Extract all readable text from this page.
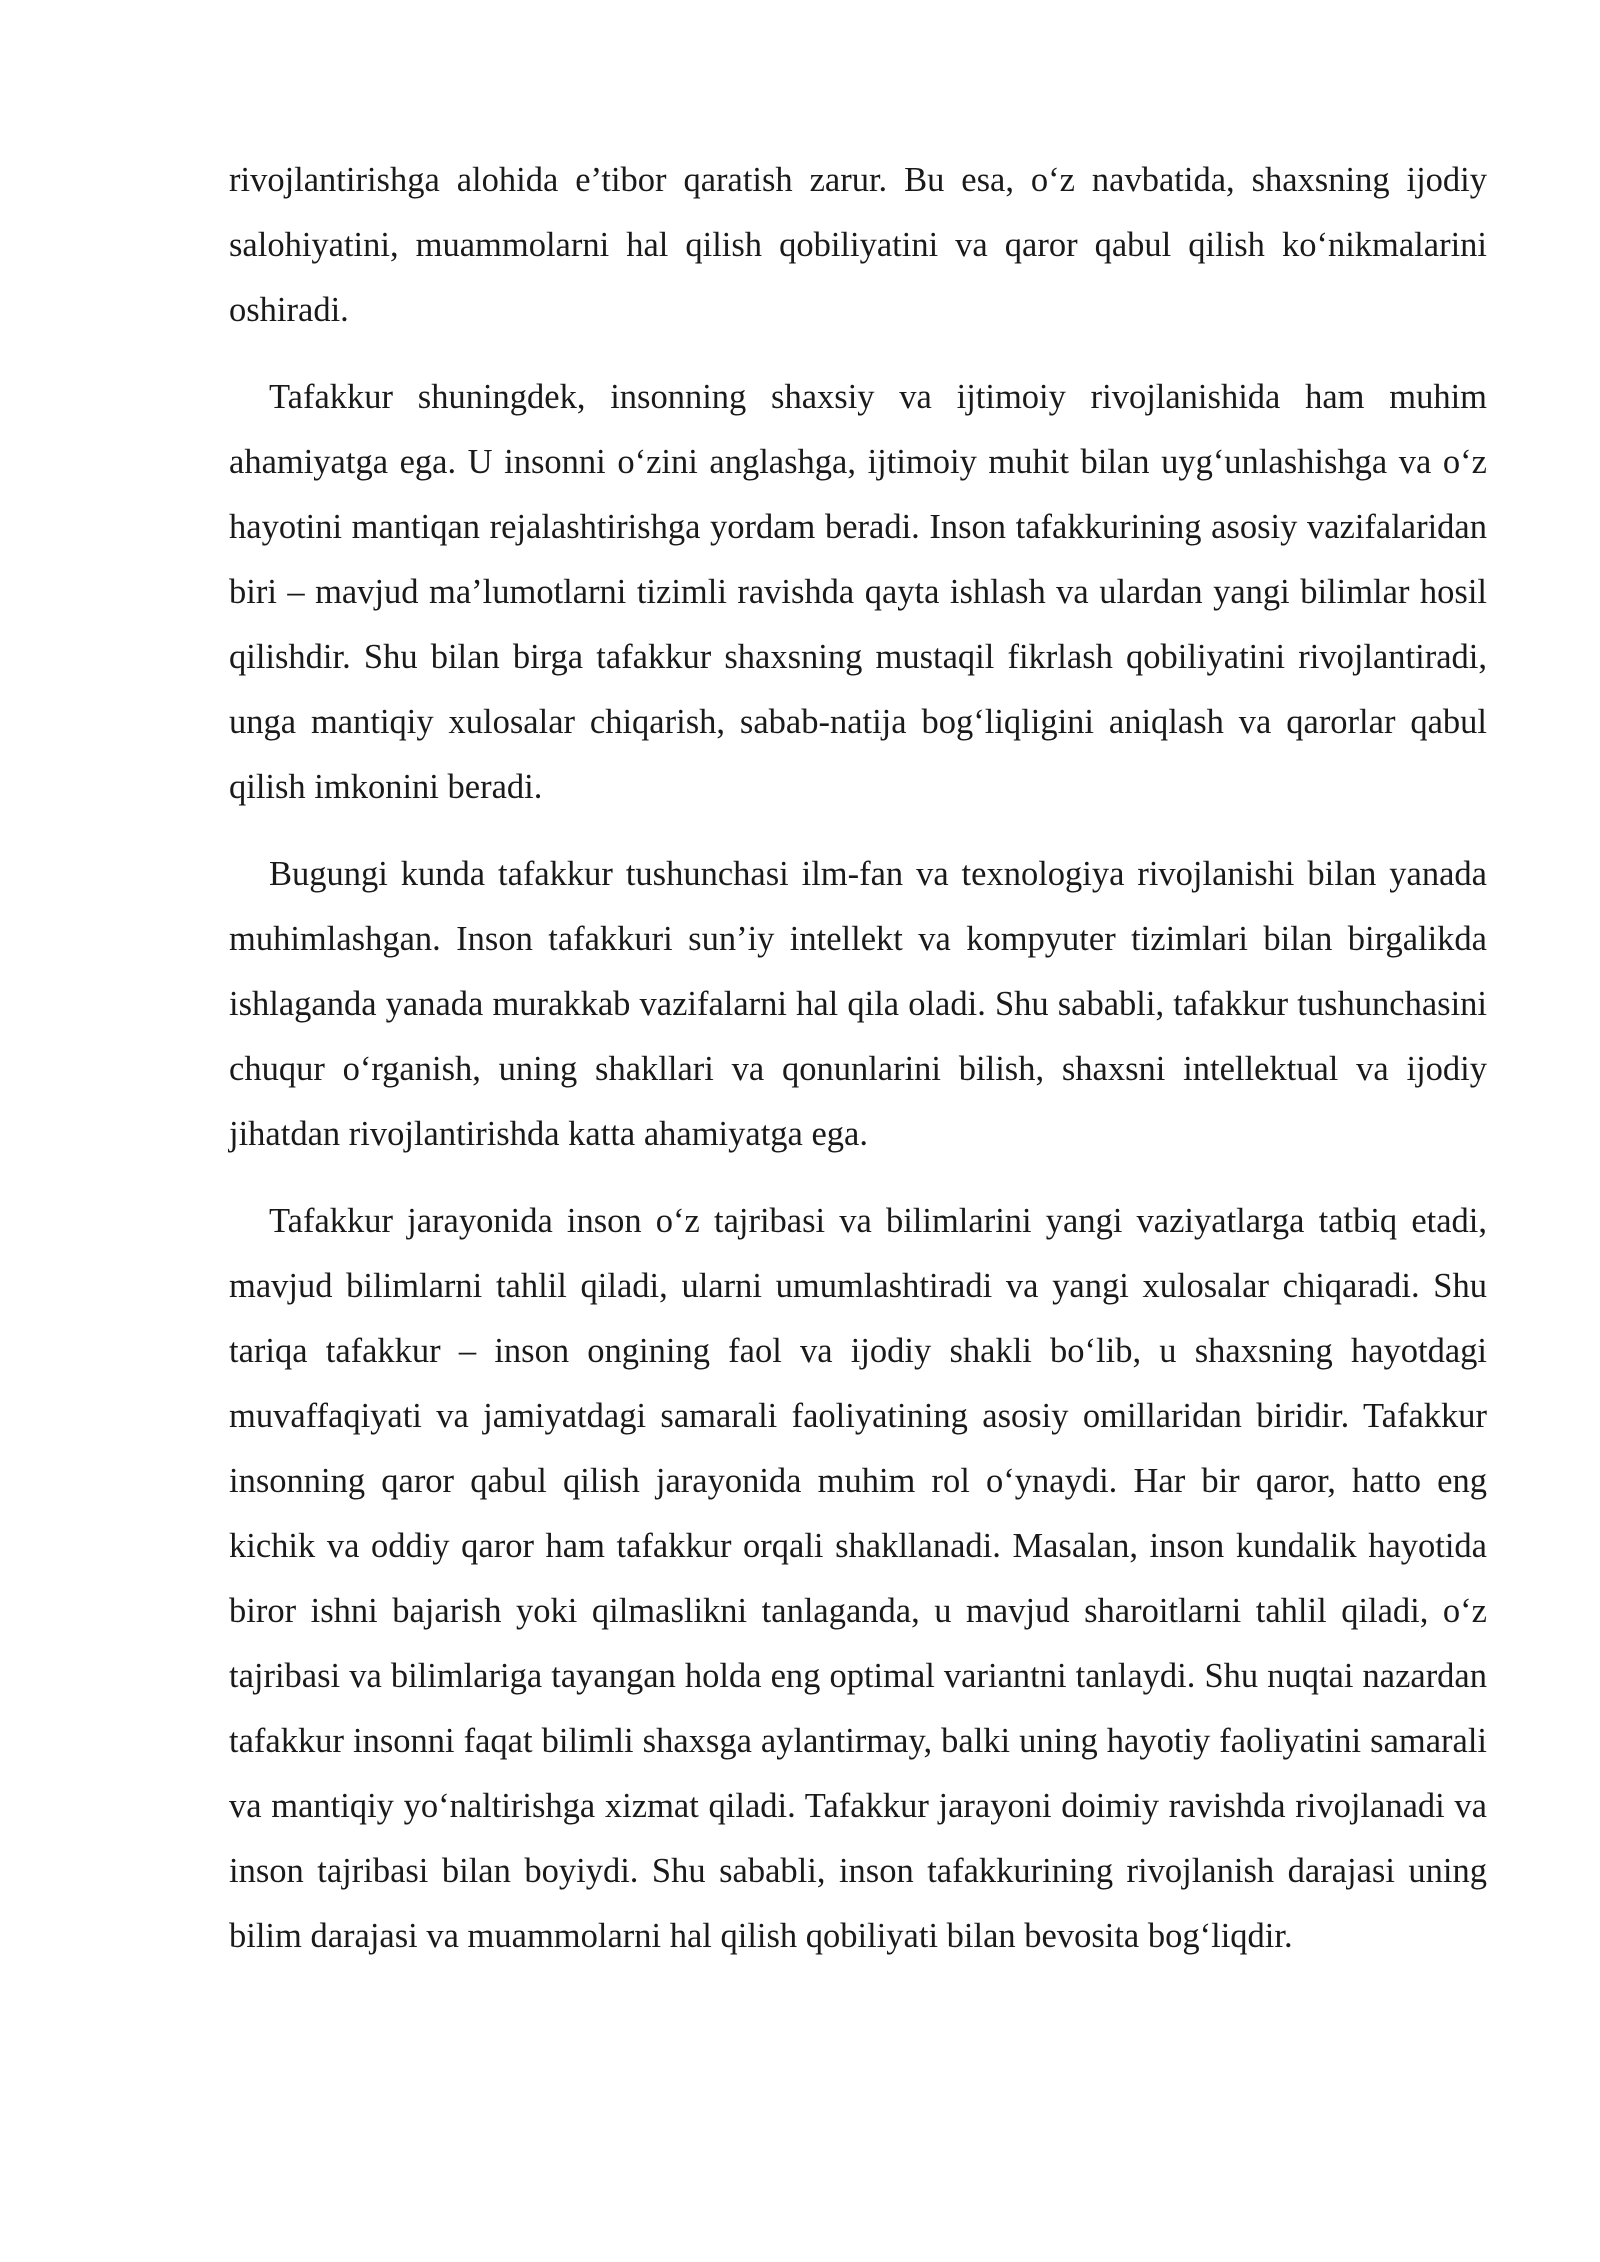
rivojlantirishga alohida e’tibor qaratish zarur. Bu esa, o‘z navbatida, shaxsning ijodiy salohiyatini, muammolarni hal qilish qobiliyatini va qaror qabul qilish ko‘nikmalarini oshiradi.

Tafakkur shuningdek, insonning shaxsiy va ijtimoiy rivojlanishida ham muhim ahamiyatga ega. U insonni o‘zini anglashga, ijtimoiy muhit bilan uyg‘unlashishga va o‘z hayotini mantiqan rejalashtirishga yordam beradi. Inson tafakkurining asosiy vazifalaridan biri – mavjud ma’lumotlarni tizimli ravishda qayta ishlash va ulardan yangi bilimlar hosil qilishdir. Shu bilan birga tafakkur shaxsning mustaqil fikrlash qobiliyatini rivojlantiradi, unga mantiqiy xulosalar chiqarish, sabab-natija bog‘liqligini aniqlash va qarorlar qabul qilish imkonini beradi.

Bugungi kunda tafakkur tushunchasi ilm-fan va texnologiya rivojlanishi bilan yanada muhimlashgan. Inson tafakkuri sun’iy intellekt va kompyuter tizimlari bilan birgalikda ishlaganda yanada murakkab vazifalarni hal qila oladi. Shu sababli, tafakkur tushunchasini chuqur o‘rganish, uning shakllari va qonunlarini bilish, shaxsni intellektual va ijodiy jihatdan rivojlantirishda katta ahamiyatga ega.

Tafakkur jarayonida inson o‘z tajribasi va bilimlarini yangi vaziyatlarga tatbiq etadi, mavjud bilimlarni tahlil qiladi, ularni umumlashtiradi va yangi xulosalar chiqaradi. Shu tariqa tafakkur – inson ongining faol va ijodiy shakli bo‘lib, u shaxsning hayotdagi muvaffaqiyati va jamiyatdagi samarali faoliyatining asosiy omillaridan biridir. Tafakkur insonning qaror qabul qilish jarayonida muhim rol o‘ynaydi. Har bir qaror, hatto eng kichik va oddiy qaror ham tafakkur orqali shakllanadi. Masalan, inson kundalik hayotida biror ishni bajarish yoki qilmaslikni tanlaganda, u mavjud sharoitlarni tahlil qiladi, o‘z tajribasi va bilimlariga tayangan holda eng optimal variantni tanlaydi. Shu nuqtai nazardan tafakkur insonni faqat bilimli shaxsga aylantirmay, balki uning hayotiy faoliyatini samarali va mantiqiy yo‘naltirishga xizmat qiladi. Tafakkur jarayoni doimiy ravishda rivojlanadi va inson tajribasi bilan boyiydi. Shu sababli, inson tafakkurining rivojlanish darajasi uning bilim darajasi va muammolarni hal qilish qobiliyati bilan bevosita bog‘liqdir.
